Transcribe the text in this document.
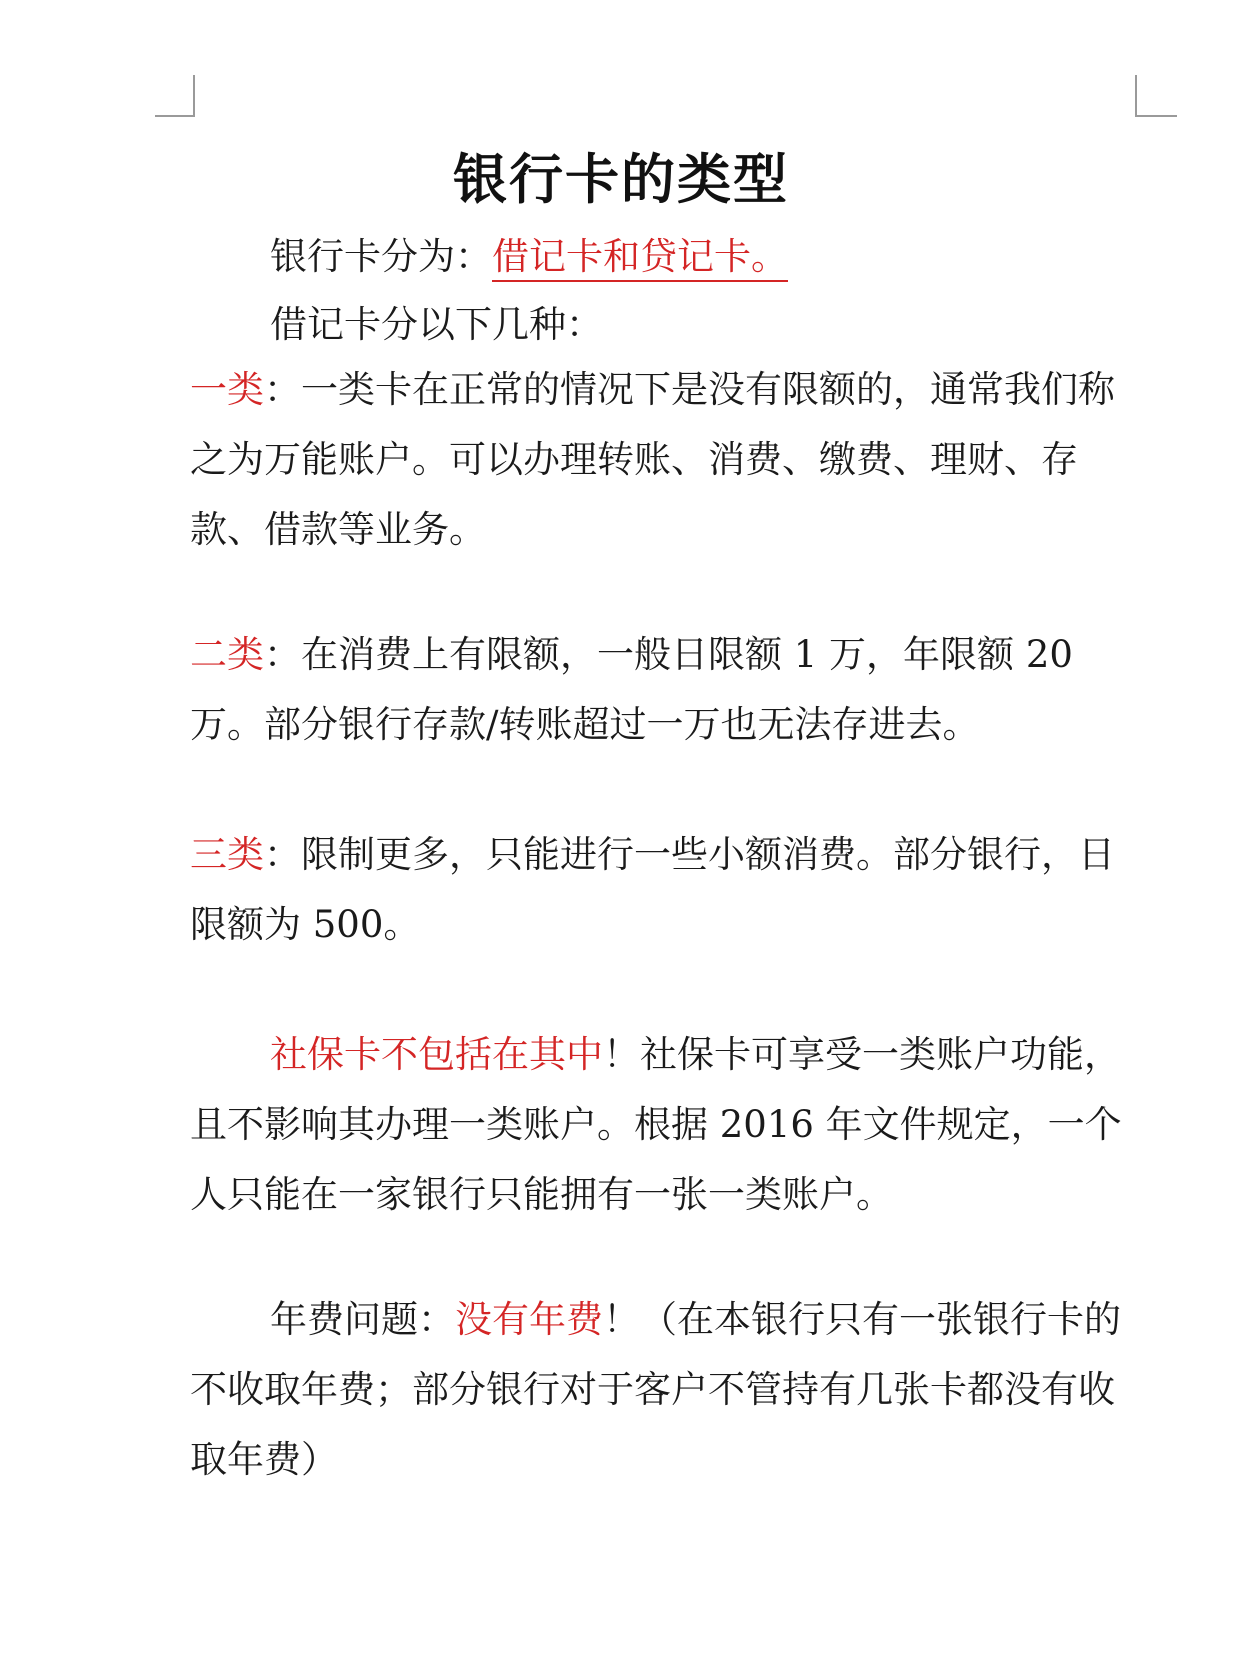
银行卡的类型

银行卡分为：借记卡和贷记卡。

借记卡分以下几种：

一类：一类卡在正常的情况下是没有限额的，通常我们称之为万能账户。可以办理转账、消费、缴费、理财、存款、借款等业务。

二类：在消费上有限额，一般日限额 1 万，年限额 20 万。部分银行存款/转账超过一万也无法存进去。

三类：限制更多，只能进行一些小额消费。部分银行，日限额为 500。

社保卡不包括在其中！社保卡可享受一类账户功能，且不影响其办理一类账户。根据 2016 年文件规定，一个人只能在一家银行只能拥有一张一类账户。

年费问题：没有年费！（在本银行只有一张银行卡的不收取年费；部分银行对于客户不管持有几张卡都没有收取年费）
